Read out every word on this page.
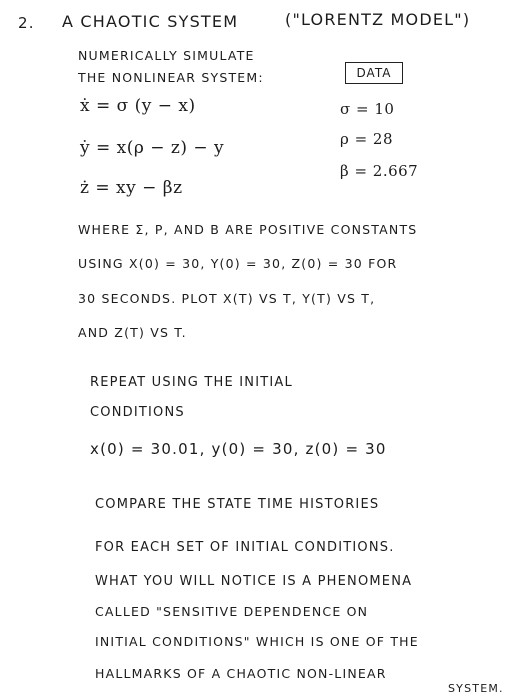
2. A CHAOTIC SYSTEM	("LORENTZ MODEL")
NUMERICALLY SIMULATE
THE NONLINEAR SYSTEM:	DATA
ẋ = σ (y − x)
ẏ = x(ρ − z) − y
ż = xy − βz
σ = 10
ρ = 28
β = 2.667
WHERE Σ, Ρ, AND Β ARE POSITIVE CONSTANTS
USING X(0) = 30, Y(0) = 30, Z(0) = 30 FOR
30 SECONDS. PLOT X(T) VS T, Y(T) VS T,
AND Z(T) VS T.
REPEAT USING THE INITIAL
CONDITIONS
x(0) = 30.01, y(0) = 30, z(0) = 30
COMPARE THE STATE TIME HISTORIES
FOR EACH SET OF INITIAL CONDITIONS.
WHAT YOU WILL NOTICE IS A PHENOMENA
CALLED "SENSITIVE DEPENDENCE ON
INITIAL CONDITIONS" WHICH IS ONE OF THE
HALLMARKS OF A CHAOTIC NON-LINEAR
SYSTEM.
